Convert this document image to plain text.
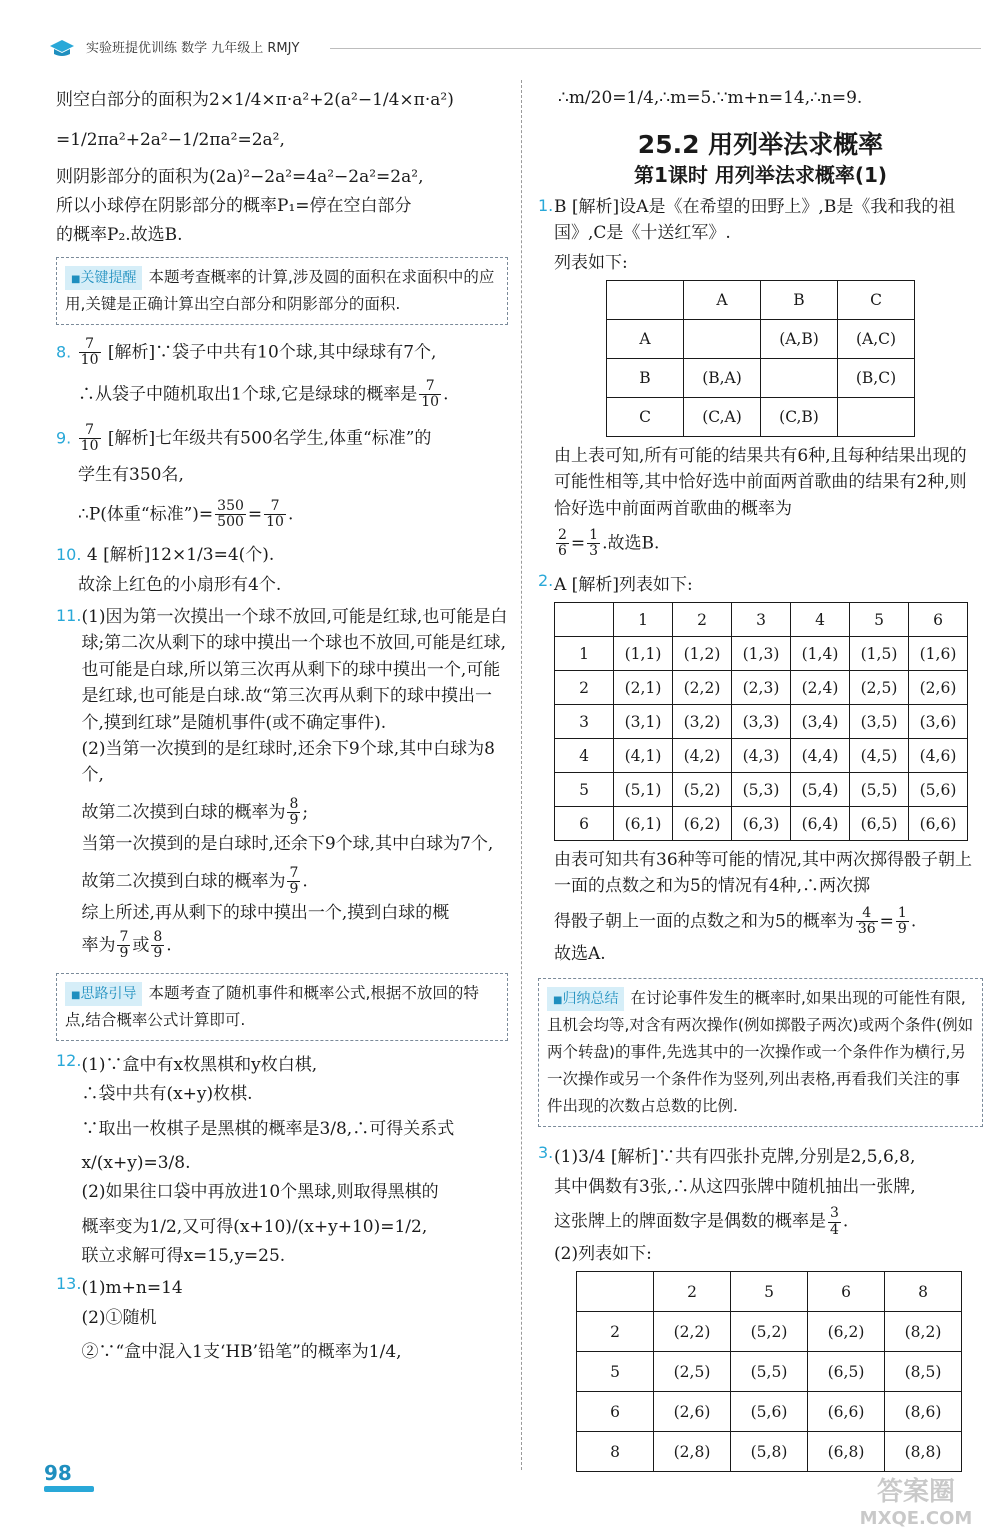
实验班提优训练 数学 九年级上 RMJY

则空白部分的面积为2×1/4×π·a²+2(a²−1/4×π·a²)

=1/2πa²+2a²−1/2πa²=2a²,

则阴影部分的面积为(2a)²−2a²=4a²−2a²=2a²,

所以小球停在阴影部分的概率P₁=停在空白部分

的概率P₂.故选B.

■ 关键提醒 本题考查概率的计算,涉及圆的面积在求面积中的应用,关键是正确计算出空白部分和阴影部分的面积.

8. $\frac{7}{10}$ [解析]∵袋子中共有10个球,其中绿球有7个,

∴从袋子中随机取出1个球,它是绿球的概率是 $\frac{7}{10}$ .

9. $\frac{7}{10}$ [解析]七年级共有500名学生,体重“标准”的

学生有350名,

∴P(体重“标准”)= $\frac{350}{500} = \frac{7}{10}$ .

10. 4 [解析]12×1/3=4(个).

故涂上红色的小扇形有4个.

11. (1)因为第一次摸出一个球不放回,可能是红球,也可能是白球;第二次从剩下的球中摸出一个球也不放回,可能是红球,也可能是白球,所以第三次再从剩下的球中摸出一个,可能是红球,也可能是白球.故“第三次再从剩下的球中摸出一个,摸到红球”是随机事件(或不确定事件).

(2)当第一次摸到的是红球时,还余下9个球,其中白球为8个,

故第二次摸到白球的概率为 $\frac{8}{9}$ ;

当第一次摸到的是白球时,还余下9个球,其中白球为7个,

故第二次摸到白球的概率为 $\frac{7}{9}$ .

综上所述,再从剩下的球中摸出一个,摸到白球的概

率为 $\frac{7}{9}$ 或 $\frac{8}{9}$ .

■ 思路引导 本题考查了随机事件和概率公式,根据不放回的特点,结合概率公式计算即可.
12. (1)∵盒中有x枚黑棋和y枚白棋,

∴袋中共有(x+y)枚棋.

∵取出一枚棋子是黑棋的概率是3/8,∴可得关系式

x/(x+y)=3/8.

(2)如果往口袋中再放进10个黑球,则取得黑棋的

概率变为1/2,又可得(x+10)/(x+y+10)=1/2,

联立求解可得x=15,y=25.

13. (1)m+n=14

(2)①随机

②∵“盒中混入1支‘HB’铅笔”的概率为1/4,

∴m/20=1/4,∴m=5.∵m+n=14,∴n=9.

25.2 用列举法求概率
第1课时 用列举法求概率(1)
1. B [解析]设A是《在希望的田野上》,B是《我和我的祖国》,C是《十送红军》.

列表如下:

	A	B	C
A		(A,B)	(A,C)
B	(B,A)		(B,C)
C	(C,A)	(C,B)	

由上表可知,所有可能的结果共有6种,且每种结果出现的可能性相等,其中恰好选中前面两首歌曲的结果有2种,则恰好选中前面两首歌曲的概率为

$\frac{2}{6} = \frac{1}{3}$ .故选B.

2. A [解析]列表如下:

	1	2	3	4	5	6
1	(1,1)	(1,2)	(1,3)	(1,4)	(1,5)	(1,6)
2	(2,1)	(2,2)	(2,3)	(2,4)	(2,5)	(2,6)
3	(3,1)	(3,2)	(3,3)	(3,4)	(3,5)	(3,6)
4	(4,1)	(4,2)	(4,3)	(4,4)	(4,5)	(4,6)
5	(5,1)	(5,2)	(5,3)	(5,4)	(5,5)	(5,6)
6	(6,1)	(6,2)	(6,3)	(6,4)	(6,5)	(6,6)

由表可知共有36种等可能的情况,其中两次掷得骰子朝上一面的点数之和为5的情况有4种,∴两次掷

得骰子朝上一面的点数之和为5的概率为 $\frac{4}{36} = \frac{1}{9}$ .

故选A.

■ 归纳总结 在讨论事件发生的概率时,如果出现的可能性有限,且机会均等,对含有两次操作(例如掷骰子两次)或两个条件(例如两个转盘)的事件,先选其中的一次操作或一个条件作为横行,另一次操作或另一个条件作为竖列,列出表格,再看我们关注的事件出现的次数占总数的比例.
3. (1)3/4 [解析]∵共有四张扑克牌,分别是2,5,6,8,

其中偶数有3张,∴从这四张牌中随机抽出一张牌,

这张牌上的牌面数字是偶数的概率是 $\frac{3}{4}$ .

(2)列表如下:

	2	5	6	8
2	(2,2)	(5,2)	(6,2)	(8,2)
5	(2,5)	(5,5)	(6,5)	(8,5)
6	(2,6)	(5,6)	(6,6)	(8,6)
8	(2,8)	(5,8)	(6,8)	(8,8)
98
答案圈
MXQE.COM
